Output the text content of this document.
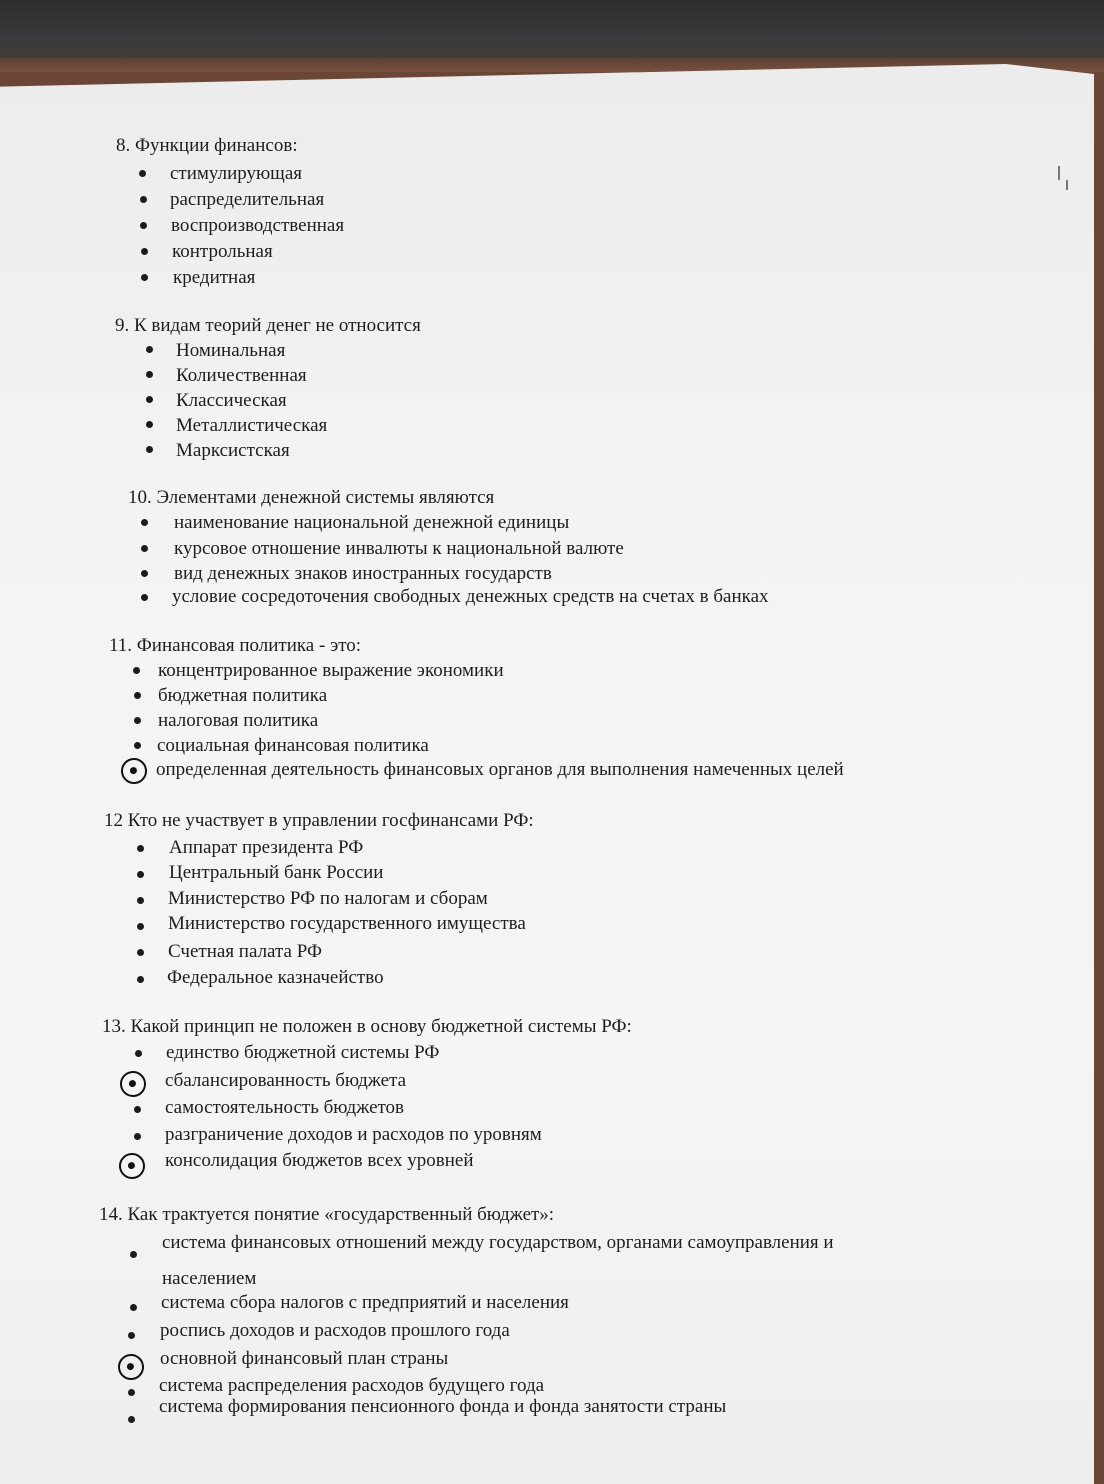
8. Функции финансов:
стимулирующая
распределительная
воспроизводственная
контрольная
кредитная
9. К видам теорий денег не относится
Номинальная
Количественная
Классическая
Металлистическая
Марксистская
10. Элементами денежной системы являются
наименование национальной денежной единицы
курсовое отношение инвалюты к национальной валюте
вид денежных знаков иностранных государств
условие сосредоточения свободных денежных средств на счетах в банках
11. Финансовая политика - это:
концентрированное выражение экономики
бюджетная политика
налоговая политика
социальная финансовая политика
определенная деятельность финансовых органов для выполнения намеченных целей
12 Кто не участвует в управлении госфинансами РФ:
Аппарат президента РФ
Центральный банк России
Министерство РФ по налогам и сборам
Министерство государственного имущества
Счетная палата РФ
Федеральное казначейство
13. Какой принцип не положен в основу бюджетной системы РФ:
единство бюджетной системы РФ
сбалансированность бюджета
самостоятельность бюджетов
разграничение доходов и расходов по уровням
консолидация бюджетов всех уровней
14. Как трактуется понятие «государственный бюджет»:
система финансовых отношений между государством, органами самоуправления и
населением
система сбора налогов с предприятий и населения
роспись доходов и расходов прошлого года
основной финансовый план страны
система распределения расходов будущего года
система формирования пенсионного фонда и фонда занятости страны
